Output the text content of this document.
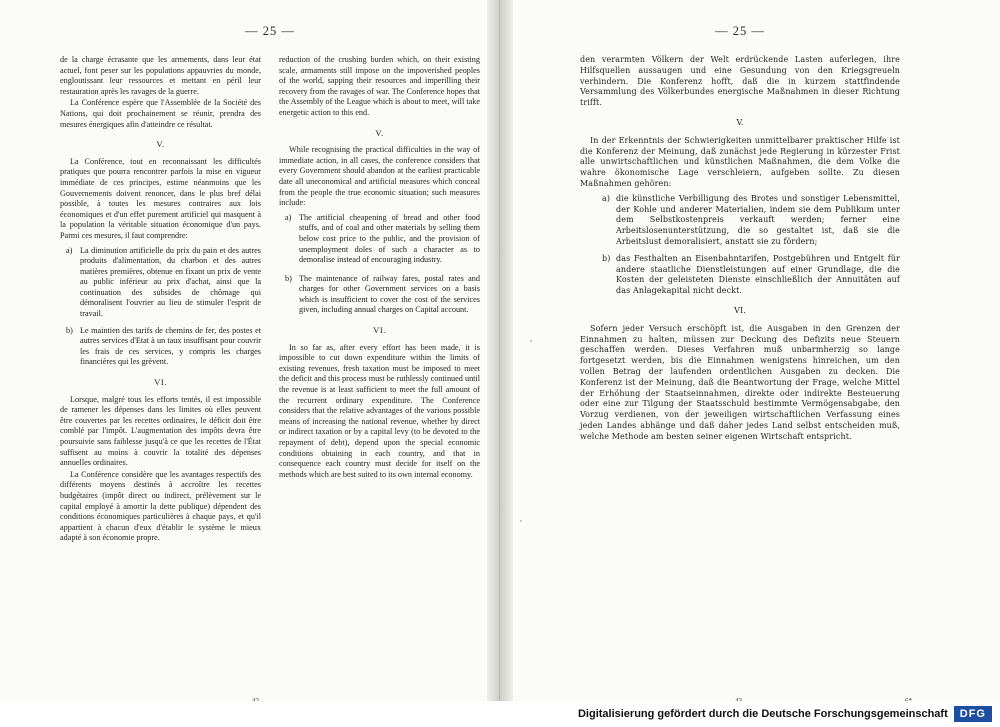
— 25 —

de la charge écrasante que les armements, dans leur état actuel, font peser sur les populations appauvries du monde, engloutissant leur ressources et mettant en péril leur restauration après les ravages de la guerre.

La Conférence espère que l'Assemblée de la Société des Nations, qui doit prochainement se réunir, prendra des mesures énergiques afin d'atteindre ce résultat.

V.

La Conférence, tout en reconnaissant les difficultés pratiques que pourra rencontrer parfois la mise en vigueur immédiate de ces principes, estime néanmoins que les Gouvernements doivent renoncer, dans le plus bref délai possible, à toutes les mesures contraires aux lois économiques et d'un effet purement artificiel qui masquent à la population la véritable situation économique d'un pays. Parmi ces mesures, il faut comprendre:

a) La diminution artificielle du prix du pain et des autres produits d'alimentation, du charbon et des autres matières premières, obtenue en fixant un prix de vente au public inférieur au prix d'achat, ainsi que la continuation des subsides de chômage qui démoralisent l'ouvrier au lieu de stimuler l'esprit de travail.
b) Le maintien des tarifs de chemins de fer, des postes et autres services d'Etat à un taux insuffisant pour couvrir les frais de ces services, y compris les charges financières qui les grèvent.

VI.

Lorsque, malgré tous les efforts tentés, il est impossible de ramener les dépenses dans les limites où elles peuvent être couvertes par les recettes ordinaires, le déficit doit être comblé par l'impôt. L'augmentation des impôts devra être poursuivie sans faiblesse jusqu'à ce que les recettes de l'État suffisent au moins à couvrir la totalité des dépenses annuelles ordinaires.

La Conférence considère que les avantages respectifs des différents moyens destinés à accroître les recettes budgétaires (impôt direct ou indirect, prélèvement sur le capital employé à amortir la dette publique) dépendent des conditions économiques particulières à chaque pays, et qu'il appartient à chacun d'eux d'établir le système le mieux adapté à son économie propre.

reduction of the crushing burden which, on their existing scale, armaments still impose on the impoverished peoples of the world, sapping their resources and imperilling their recovery from the ravages of war. The Conference hopes that the Assembly of the League which is about to meet, will take energetic action to this end.

V.

While recognising the practical difficulties in the way of immediate action, in all cases, the conference considers that every Government should abandon at the earliest practicable date all uneconomical and artificial measures which conceal from the people the true economic situation; such measures include:

a) The artificial cheapening of bread and other food stuffs, and of coal and other materials by selling them below cost price to the public, and the provision of unemployment doles of such a character as to demoralise instead of encouraging industry.
b) The maintenance of railway fares, postal rates and charges for other Government services on a basis which is insufficient to cover the cost of the services given, including annual charges on Capital account.

VI.

In so far as, after every effort has been made, it is impossible to cut down expenditure within the limits of existing revenues, fresh taxation must be imposed to meet the deficit and this process must be ruthlessly continued until the revenue is at least sufficient to meet the full amount of the recurrent ordinary expenditure. The Conference considers that the relative advantages of the various possible means of increasing the national revenue, whether by direct or indirect taxation or by a capital levy (to be devoted to the repayment of debt), depend upon the special economic conditions obtaining in each country, and that in consequence each country must decide for itself on the methods which are best suited to its own internal economy.

— 25 —

den verarmten Völkern der Welt erdrückende Lasten auferlegen, ihre Hilfsquellen aussaugen und eine Gesundung von den Kriegsgreueln verhindern. Die Konferenz hofft, daß die in kurzem stattfindende Versammlung des Völkerbundes energische Maßnahmen in dieser Richtung trifft.

V.

In der Erkenntnis der Schwierigkeiten unmittelbarer praktischer Hilfe ist die Konferenz der Meinung, daß zunächst jede Regierung in kürzester Frist alle unwirtschaftlichen und künstlichen Maßnahmen, die dem Volke die wahre ökonomische Lage verschleiern, aufgeben sollte. Zu diesen Maßnahmen gehören:

a) die künstliche Verbilligung des Brotes und sonstiger Lebensmittel, der Kohle und anderer Materialien, indem sie dem Publikum unter dem Selbstkostenpreis verkauft werden; ferner eine Arbeitslosenunterstützung, die so gestaltet ist, daß sie die Arbeitslust demoralisiert, anstatt sie zu fördern;
b) das Festhalten an Eisenbahntarifen, Postgebühren und Entgelt für andere staatliche Dienstleistungen auf einer Grundlage, die die Kosten der geleisteten Dienste einschließlich der Annuitäten auf das Anlagekapital nicht deckt.

VI.

Sofern jeder Versuch erschöpft ist, die Ausgaben in den Grenzen der Einnahmen zu halten, müssen zur Deckung des Defizits neue Steuern geschaffen werden. Dieses Verfahren muß unbarmherzig so lange fortgesetzt werden, bis die Einnahmen wenigstens hinreichen, um den vollen Betrag der laufenden ordentlichen Ausgaben zu decken. Die Konferenz ist der Meinung, daß die Beantwortung der Frage, welche Mittel der Erhöhung der Staatseinnahmen, direkte oder indirekte Besteuerung oder eine zur Tilgung der Staatsschuld bestimmte Vermögensabgabe, den Vorzug verdienen, von der jeweiligen wirtschaftlichen Verfassung eines jeden Landes abhänge und daß daher jedes Land selbst entscheiden muß, welche Methode am besten seiner eigenen Wirtschaft entspricht.

Digitalisierung gefördert durch die Deutsche Forschungsgemeinschaft	DFG
